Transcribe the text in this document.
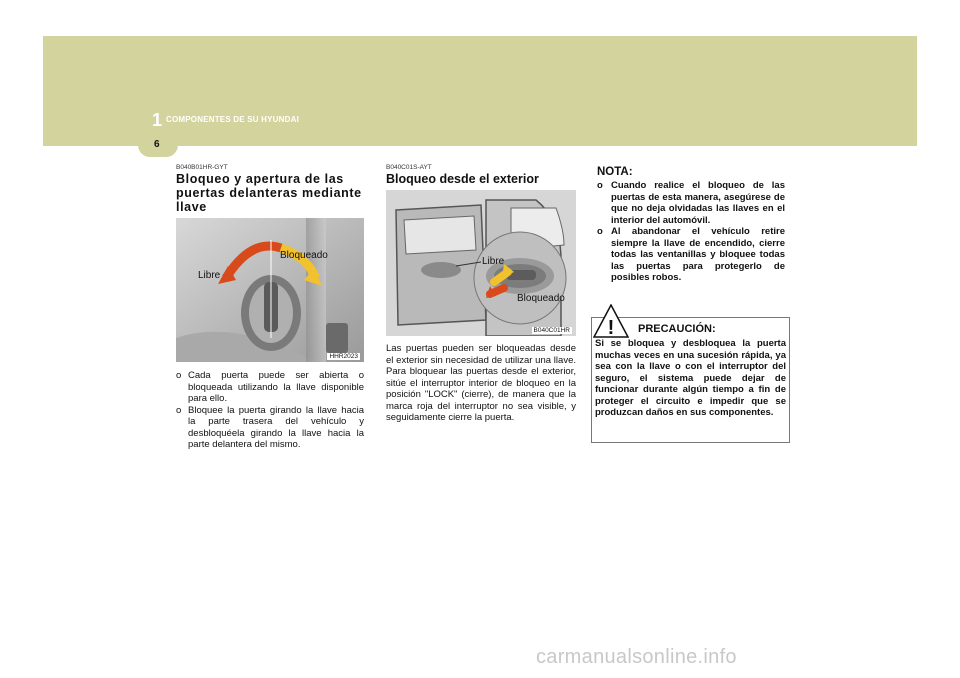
1 COMPONENTES DE SU HYUNDAI
6
B040B01HR-GYT
Bloqueo y apertura de las puertas delanteras mediante llave
Libre
Bloqueado
HHR2023
o Cada puerta puede ser abierta o bloqueada utilizando la llave disponible para ello.
o Bloquee la puerta girando la llave hacia la parte trasera del vehículo y desbloquéela girando la llave hacia la parte delantera del mismo.
B040C01S-AYT
Bloqueo desde el exterior
Libre
Bloqueado
B040C01HR

Las puertas pueden ser bloqueadas desde el exterior sin necesidad de utilizar una llave. Para bloquear las puertas desde el exterior, sitúe el interruptor interior de bloqueo en la posición "LOCK" (cierre), de manera que la marca roja del interruptor no sea visible, y seguidamente cierre la puerta.

NOTA:
o Cuando realice el bloqueo de las puertas de esta manera, asegúrese de que no deja olvidadas las llaves en el interior del automóvil.
o Al abandonar el vehículo retire siempre la llave de encendido, cierre todas las ventanillas y bloquee todas las puertas para protegerlo de posibles robos.
PRECAUCIÓN:

Si se bloquea y desbloquea la puerta muchas veces en una sucesión rápida, ya sea con la llave o con el interruptor del seguro, el sistema puede dejar de funcionar durante algún tiempo a fin de proteger el circuito e impedir que se produzcan daños en sus componentes.

!
carmanualsonline.info
